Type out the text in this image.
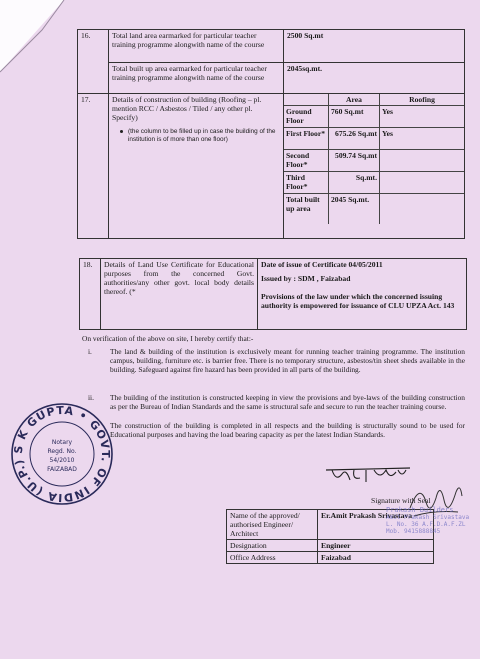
16.	Total land area earmarked for particular teacher training programme alongwith name of the course	2500 Sq.mt
Total built up area earmarked for particular teacher training programme alongwith name of the course	2045sq.mt.
17.	Details of construction of building (Roofing – pl. mention RCC / Asbestos / Tiled / any other pl. Specify)
(the column to be filled up in case the building of the institution is of more than one floor)

	Area	Roofing
Ground Floor	760 Sq.mt	Yes
First Floor*	675.26 Sq.mt	Yes
Second Floor*	509.74 Sq.mt	
Third Floor*	Sq.mt.	
Total built up area	2045 Sq.mt.	
18.	Details of Land Use Certificate for Educational purposes from the concerned Govt. authorities/any other govt. local body details thereof. (*	
Date of issue of Certificate 04/05/2011
Issued by : SDM , Faizabad
Provisions of the law under which the concerned issuing authority is empowered for issuance of CLU UPZA Act. 143
On verification of the above on site, I hereby certify that:-
i. The land & building of the institution is exclusively meant for running teacher training programme. The institution campus, building, furniture etc. is barrier free. There is no temporary structure, asbestos/tin sheet sheds available in the building. Safeguard against fire hazard has been provided in all parts of the building.
ii. The building of the institution is constructed keeping in view the provisions and bye-laws of the building construction as per the Bureau of Indian Standards and the same is structural safe and secure to run the teacher training course.
The construction of the building is completed in all respects and the building is structurally sound to be used for Educational purposes and having the load bearing capacity as per the latest Indian Standards.
S K GUPTA • GOVT. OF INDIA (U.P.)
Notary
Regd. No.
54/2010
FAIZABAD
Signature with Seal	
Name of the approved/ authorised Engineer/ Architect	Er.Amit Prakash Srivastava
Designation	Engineer
Office Address	Faizabad
Prakash Builders
Amit Prakash Srivastava
L. No. 36 A.F.D.A.F.ZL
Mob. 9415888845
